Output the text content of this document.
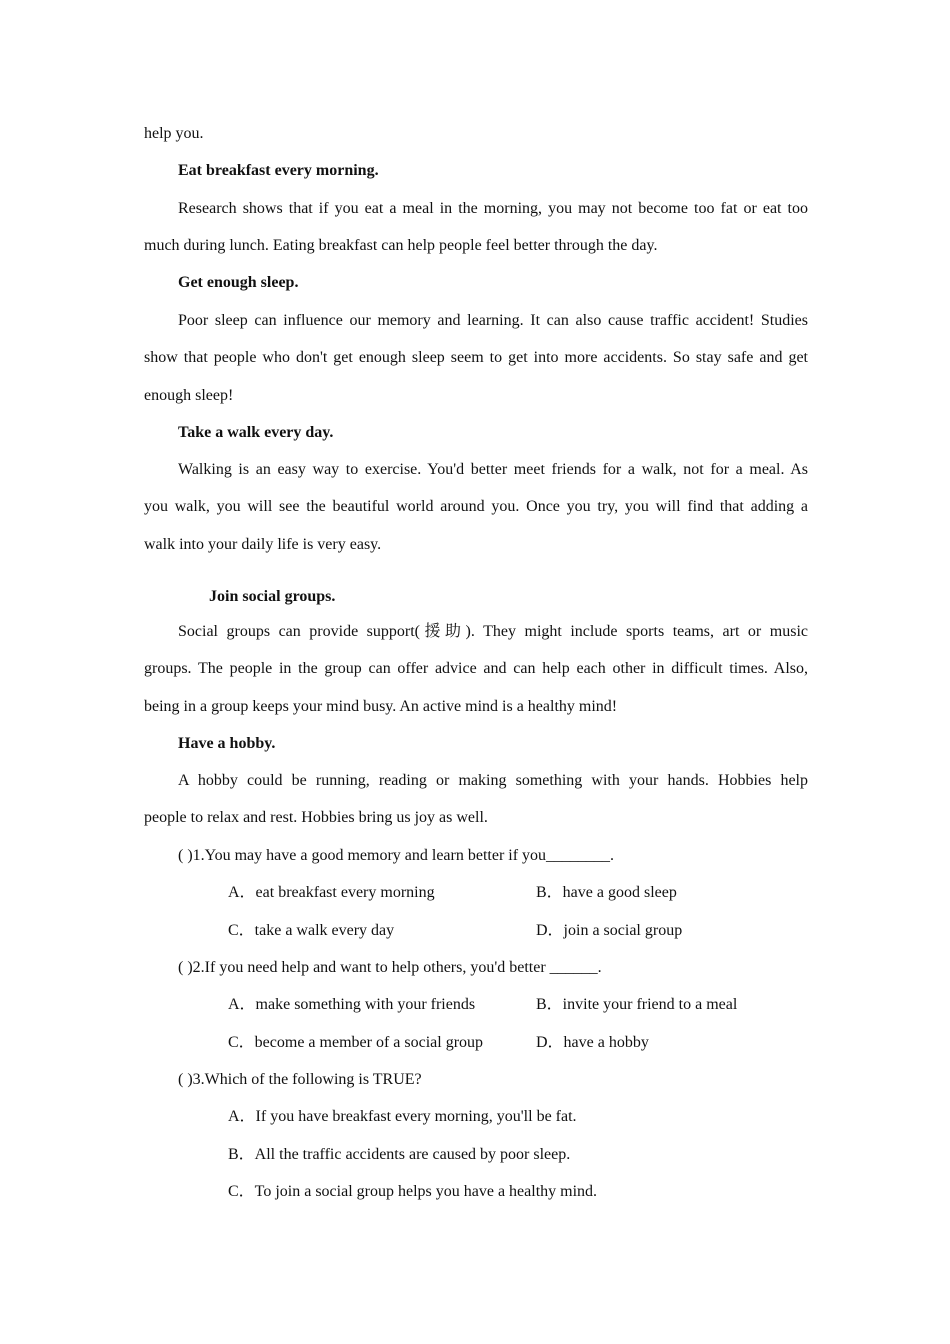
help you.
Eat breakfast every morning.
Research shows that if you eat a meal in the morning, you may not become too fat or eat too
much during lunch. Eating breakfast can help people feel better through the day.
Get enough sleep.
Poor sleep can influence our memory and learning. It can also cause traffic accident! Studies
show that people who don't get enough sleep seem to get into more accidents. So stay safe and get
enough sleep!
Take a walk every day.
Walking is an easy way to exercise. You'd better meet friends for a walk, not for a meal. As
you walk, you will see the beautiful world around you. Once you try, you will find that adding a
walk into your daily life is very easy.
Join social groups.
Social groups can provide support(援助). They might include sports teams, art or music
groups. The people in the group can offer advice and can help each other in difficult times. Also,
being in a group keeps your mind busy. An active mind is a healthy mind!
Have a hobby.
A hobby could be running, reading or making something with your hands. Hobbies help
people to relax and rest. Hobbies bring us joy as well.
( )1.You may have a good memory and learn better if you________.
A．eat breakfast every morning	B．have a good sleep
C．take a walk every day	D．join a social group
( )2.If you need help and want to help others, you'd better ______.
A．make something with your friends	B．invite your friend to a meal
C．become a member of a social group	D．have a hobby
( )3.Which of the following is TRUE?
A．If you have breakfast every morning, you'll be fat.
B．All the traffic accidents are caused by poor sleep.
C．To join a social group helps you have a healthy mind.
